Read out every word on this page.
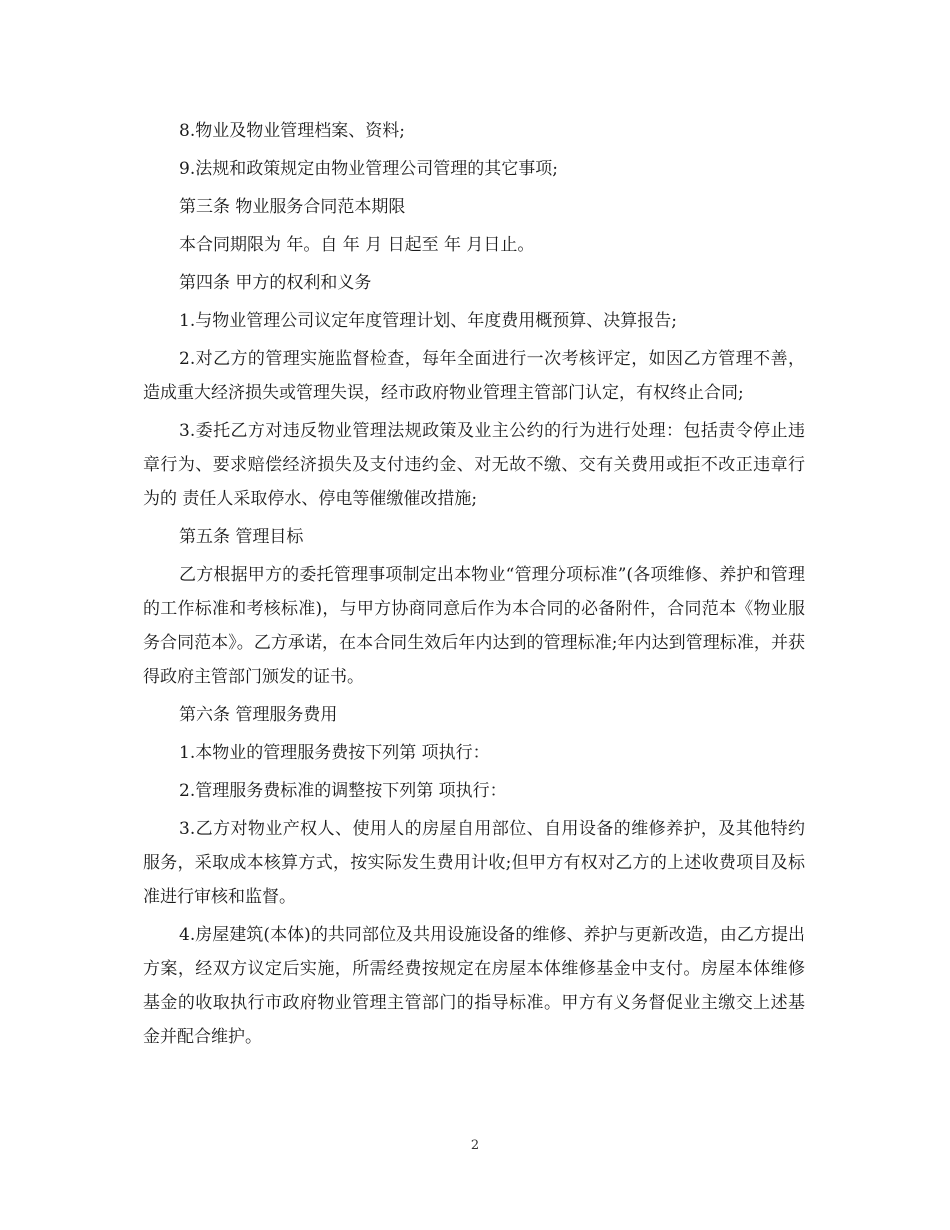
8.物业及物业管理档案、资料;

9.法规和政策规定由物业管理公司管理的其它事项;

第三条 物业服务合同范本期限

本合同期限为 年。自 年 月 日起至 年 月日止。

第四条 甲方的权利和义务

1.与物业管理公司议定年度管理计划、年度费用概预算、决算报告;

2.对乙方的管理实施监督检查，每年全面进行一次考核评定，如因乙方管理不善，造成重大经济损失或管理失误，经市政府物业管理主管部门认定，有权终止合同;

3.委托乙方对违反物业管理法规政策及业主公约的行为进行处理：包括责令停止违章行为、要求赔偿经济损失及支付违约金、对无故不缴、交有关费用或拒不改正违章行为的 责任人采取停水、停电等催缴催改措施;

第五条 管理目标

乙方根据甲方的委托管理事项制定出本物业“管理分项标准”(各项维修、养护和管理的工作标准和考核标准)，与甲方协商同意后作为本合同的必备附件，合同范本《物业服务合同范本》。乙方承诺，在本合同生效后年内达到的管理标准;年内达到管理标准，并获得政府主管部门颁发的证书。

第六条 管理服务费用

1.本物业的管理服务费按下列第 项执行：

2.管理服务费标准的调整按下列第 项执行：

3.乙方对物业产权人、使用人的房屋自用部位、自用设备的维修养护，及其他特约服务，采取成本核算方式，按实际发生费用计收;但甲方有权对乙方的上述收费项目及标准进行审核和监督。

4.房屋建筑(本体)的共同部位及共用设施设备的维修、养护与更新改造，由乙方提出方案，经双方议定后实施，所需经费按规定在房屋本体维修基金中支付。房屋本体维修基金的收取执行市政府物业管理主管部门的指导标准。甲方有义务督促业主缴交上述基金并配合维护。

2
